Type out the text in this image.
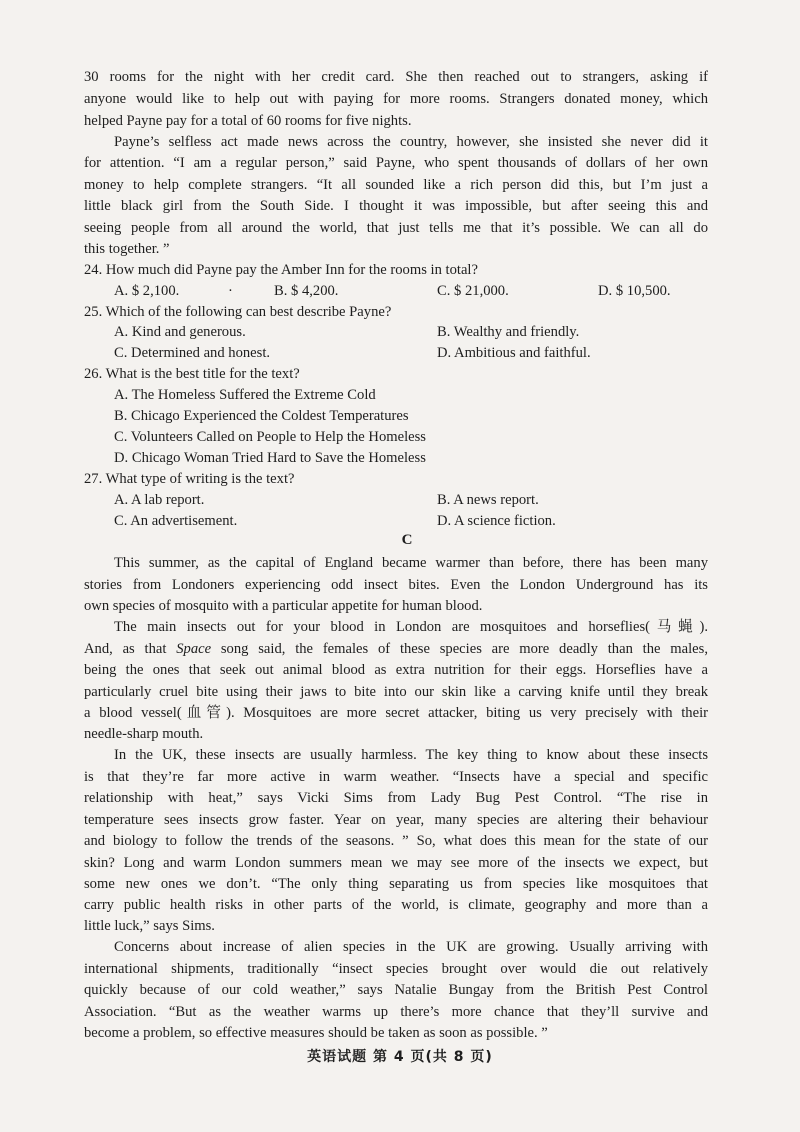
30 rooms for the night with her credit card. She then reached out to strangers, asking if
anyone would like to help out with paying for more rooms. Strangers donated money, which
helped Payne pay for a total of 60 rooms for five nights.
Payne’s selfless act made news across the country, however, she insisted she never did it
for attention. “I am a regular person,” said Payne, who spent thousands of dollars of her own
money to help complete strangers. “It all sounded like a rich person did this, but I’m just a
little black girl from the South Side. I thought it was impossible, but after seeing this and
seeing people from all around the world, that just tells me that it’s possible. We can all do
this together. ”
24. How much did Payne pay the Amber Inn for the rooms in total?
A. $ 2,100.	·	B. $ 4,200.	C. $ 21,000.	D. $ 10,500.
25. Which of the following can best describe Payne?
A. Kind and generous.	B. Wealthy and friendly.
C. Determined and honest.	D. Ambitious and faithful.
26. What is the best title for the text?
A. The Homeless Suffered the Extreme Cold
B. Chicago Experienced the Coldest Temperatures
C. Volunteers Called on People to Help the Homeless
D. Chicago Woman Tried Hard to Save the Homeless
27. What type of writing is the text?
A. A lab report.	B. A news report.
C. An advertisement.	D. A science fiction.
C
This summer, as the capital of England became warmer than before, there has been many
stories from Londoners experiencing odd insect bites. Even the London Underground has its
own species of mosquito with a particular appetite for human blood.
The main insects out for your blood in London are mosquitoes and horseflies(马蝇).
And, as that Space song said, the females of these species are more deadly than the males,
being the ones that seek out animal blood as extra nutrition for their eggs. Horseflies have a
particularly cruel bite using their jaws to bite into our skin like a carving knife until they break
a blood vessel(血管). Mosquitoes are more secret attacker, biting us very precisely with their
needle-sharp mouth.
In the UK, these insects are usually harmless. The key thing to know about these insects
is that they’re far more active in warm weather. “Insects have a special and specific
relationship with heat,” says Vicki Sims from Lady Bug Pest Control. “The rise in
temperature sees insects grow faster. Year on year, many species are altering their behaviour
and biology to follow the trends of the seasons. ” So, what does this mean for the state of our
skin? Long and warm London summers mean we may see more of the insects we expect, but
some new ones we don’t. “The only thing separating us from species like mosquitoes that
carry public health risks in other parts of the world, is climate, geography and more than a
little luck,” says Sims.
Concerns about increase of alien species in the UK are growing. Usually arriving with
international shipments, traditionally “insect species brought over would die out relatively
quickly because of our cold weather,” says Natalie Bungay from the British Pest Control
Association. “But as the weather warms up there’s more chance that they’ll survive and
become a problem, so effective measures should be taken as soon as possible. ”
英语试题 第 4 页(共 8 页)
